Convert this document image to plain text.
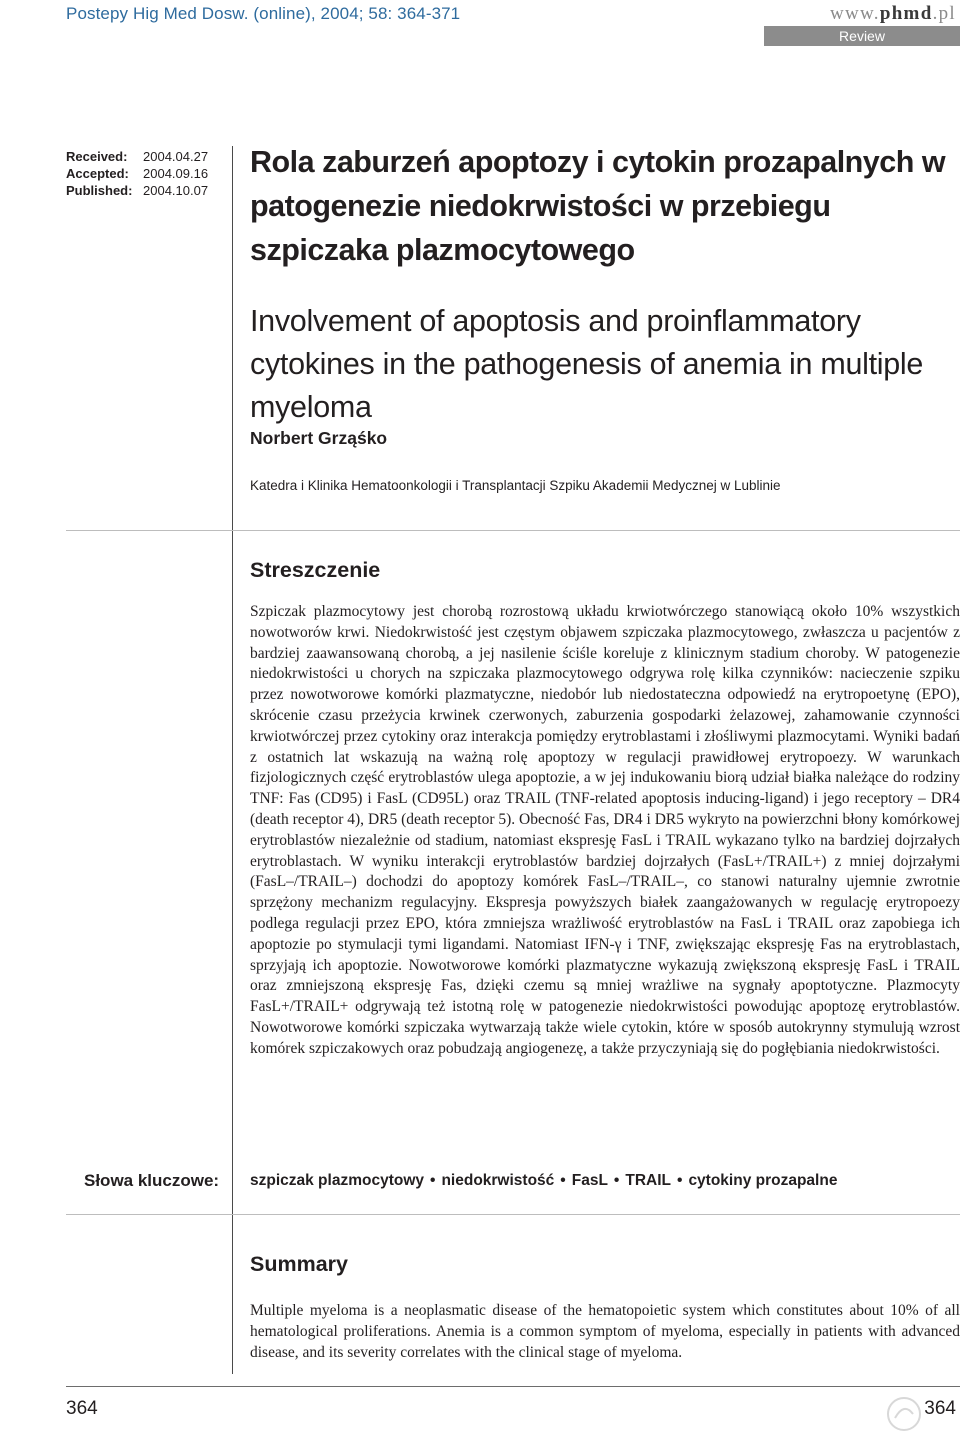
Postepy Hig Med Dosw. (online), 2004; 58: 364-371	www.phmd.pl
Review
Received:	2004.04.27
Accepted:	2004.09.16
Published: 2004.10.07
Rola zaburzeń apoptozy i cytokin prozapalnych w patogenezie niedokrwistości w przebiegu szpiczaka plazmocytowego
Involvement of apoptosis and proinflammatory cytokines in the pathogenesis of anemia in multiple myeloma
Norbert Grząśko
Katedra i Klinika Hematoonkologii i Transplantacji Szpiku Akademii Medycznej w Lublinie
Streszczenie
Szpiczak plazmocytowy jest chorobą rozrostową układu krwiotwórczego stanowiącą około 10% wszystkich nowotworów krwi. Niedokrwistość jest częstym objawem szpiczaka plazmocytowego, zwłaszcza u pacjentów z bardziej zaawansowaną chorobą, a jej nasilenie ściśle koreluje z klinicznym stadium choroby. W patogenezie niedokrwistości u chorych na szpiczaka plazmocytowego odgrywa rolę kilka czynników: nacieczenie szpiku przez nowotworowe komórki plazmatyczne, niedobór lub niedostateczna odpowiedź na erytropoetynę (EPO), skrócenie czasu przeżycia krwinek czerwonych, zaburzenia gospodarki żelazowej, zahamowanie czynności krwiotwórczej przez cytokiny oraz interakcja pomiędzy erytroblastami i złośliwymi plazmocytami. Wyniki badań z ostatnich lat wskazują na ważną rolę apoptozy w regulacji prawidłowej erytropoezy. W warunkach fizjologicznych część erytroblastów ulega apoptozie, a w jej indukowaniu biorą udział białka należące do rodziny TNF: Fas (CD95) i FasL (CD95L) oraz TRAIL (TNF-related apoptosis inducing-ligand) i jego receptory – DR4 (death receptor 4), DR5 (death receptor 5). Obecność Fas, DR4 i DR5 wykryto na powierzchni błony komórkowej erytroblastów niezależnie od stadium, natomiast ekspresję FasL i TRAIL wykazano tylko na bardziej dojrzałych erytroblastach. W wyniku interakcji erytroblastów bardziej dojrzałych (FasL+/TRAIL+) z mniej dojrzałymi (FasL–/TRAIL–) dochodzi do apoptozy komórek FasL–/TRAIL–, co stanowi naturalny ujemnie zwrotnie sprzężony mechanizm regulacyjny. Ekspresja powyższych białek zaangażowanych w regulację erytropoezy podlega regulacji przez EPO, która zmniejsza wrażliwość erytroblastów na FasL i TRAIL oraz zapobiega ich apoptozie po stymulacji tymi ligandami. Natomiast IFN-γ i TNF, zwiększając ekspresję Fas na erytroblastach, sprzyjają ich apoptozie. Nowotworowe komórki plazmatyczne wykazują zwiększoną ekspresję FasL i TRAIL oraz zmniejszoną ekspresję Fas, dzięki czemu są mniej wrażliwe na sygnały apoptotyczne. Plazmocyty FasL+/TRAIL+ odgrywają też istotną rolę w patogenezie niedokrwistości powodując apoptozę erytroblastów. Nowotworowe komórki szpiczaka wytwarzają także wiele cytokin, które w sposób autokrynny stymulują wzrost komórek szpiczakowych oraz pobudzają angiogenezę, a także przyczyniają się do pogłębiania niedokrwistości.
Słowa kluczowe: szpiczak plazmocytowy • niedokrwistość • FasL • TRAIL • cytokiny prozapalne
Summary
Multiple myeloma is a neoplasmatic disease of the hematopoietic system which constitutes about 10% of all hematological proliferations. Anemia is a common symptom of myeloma, especially in patients with advanced disease, and its severity correlates with the clinical stage of myeloma.
364	364
